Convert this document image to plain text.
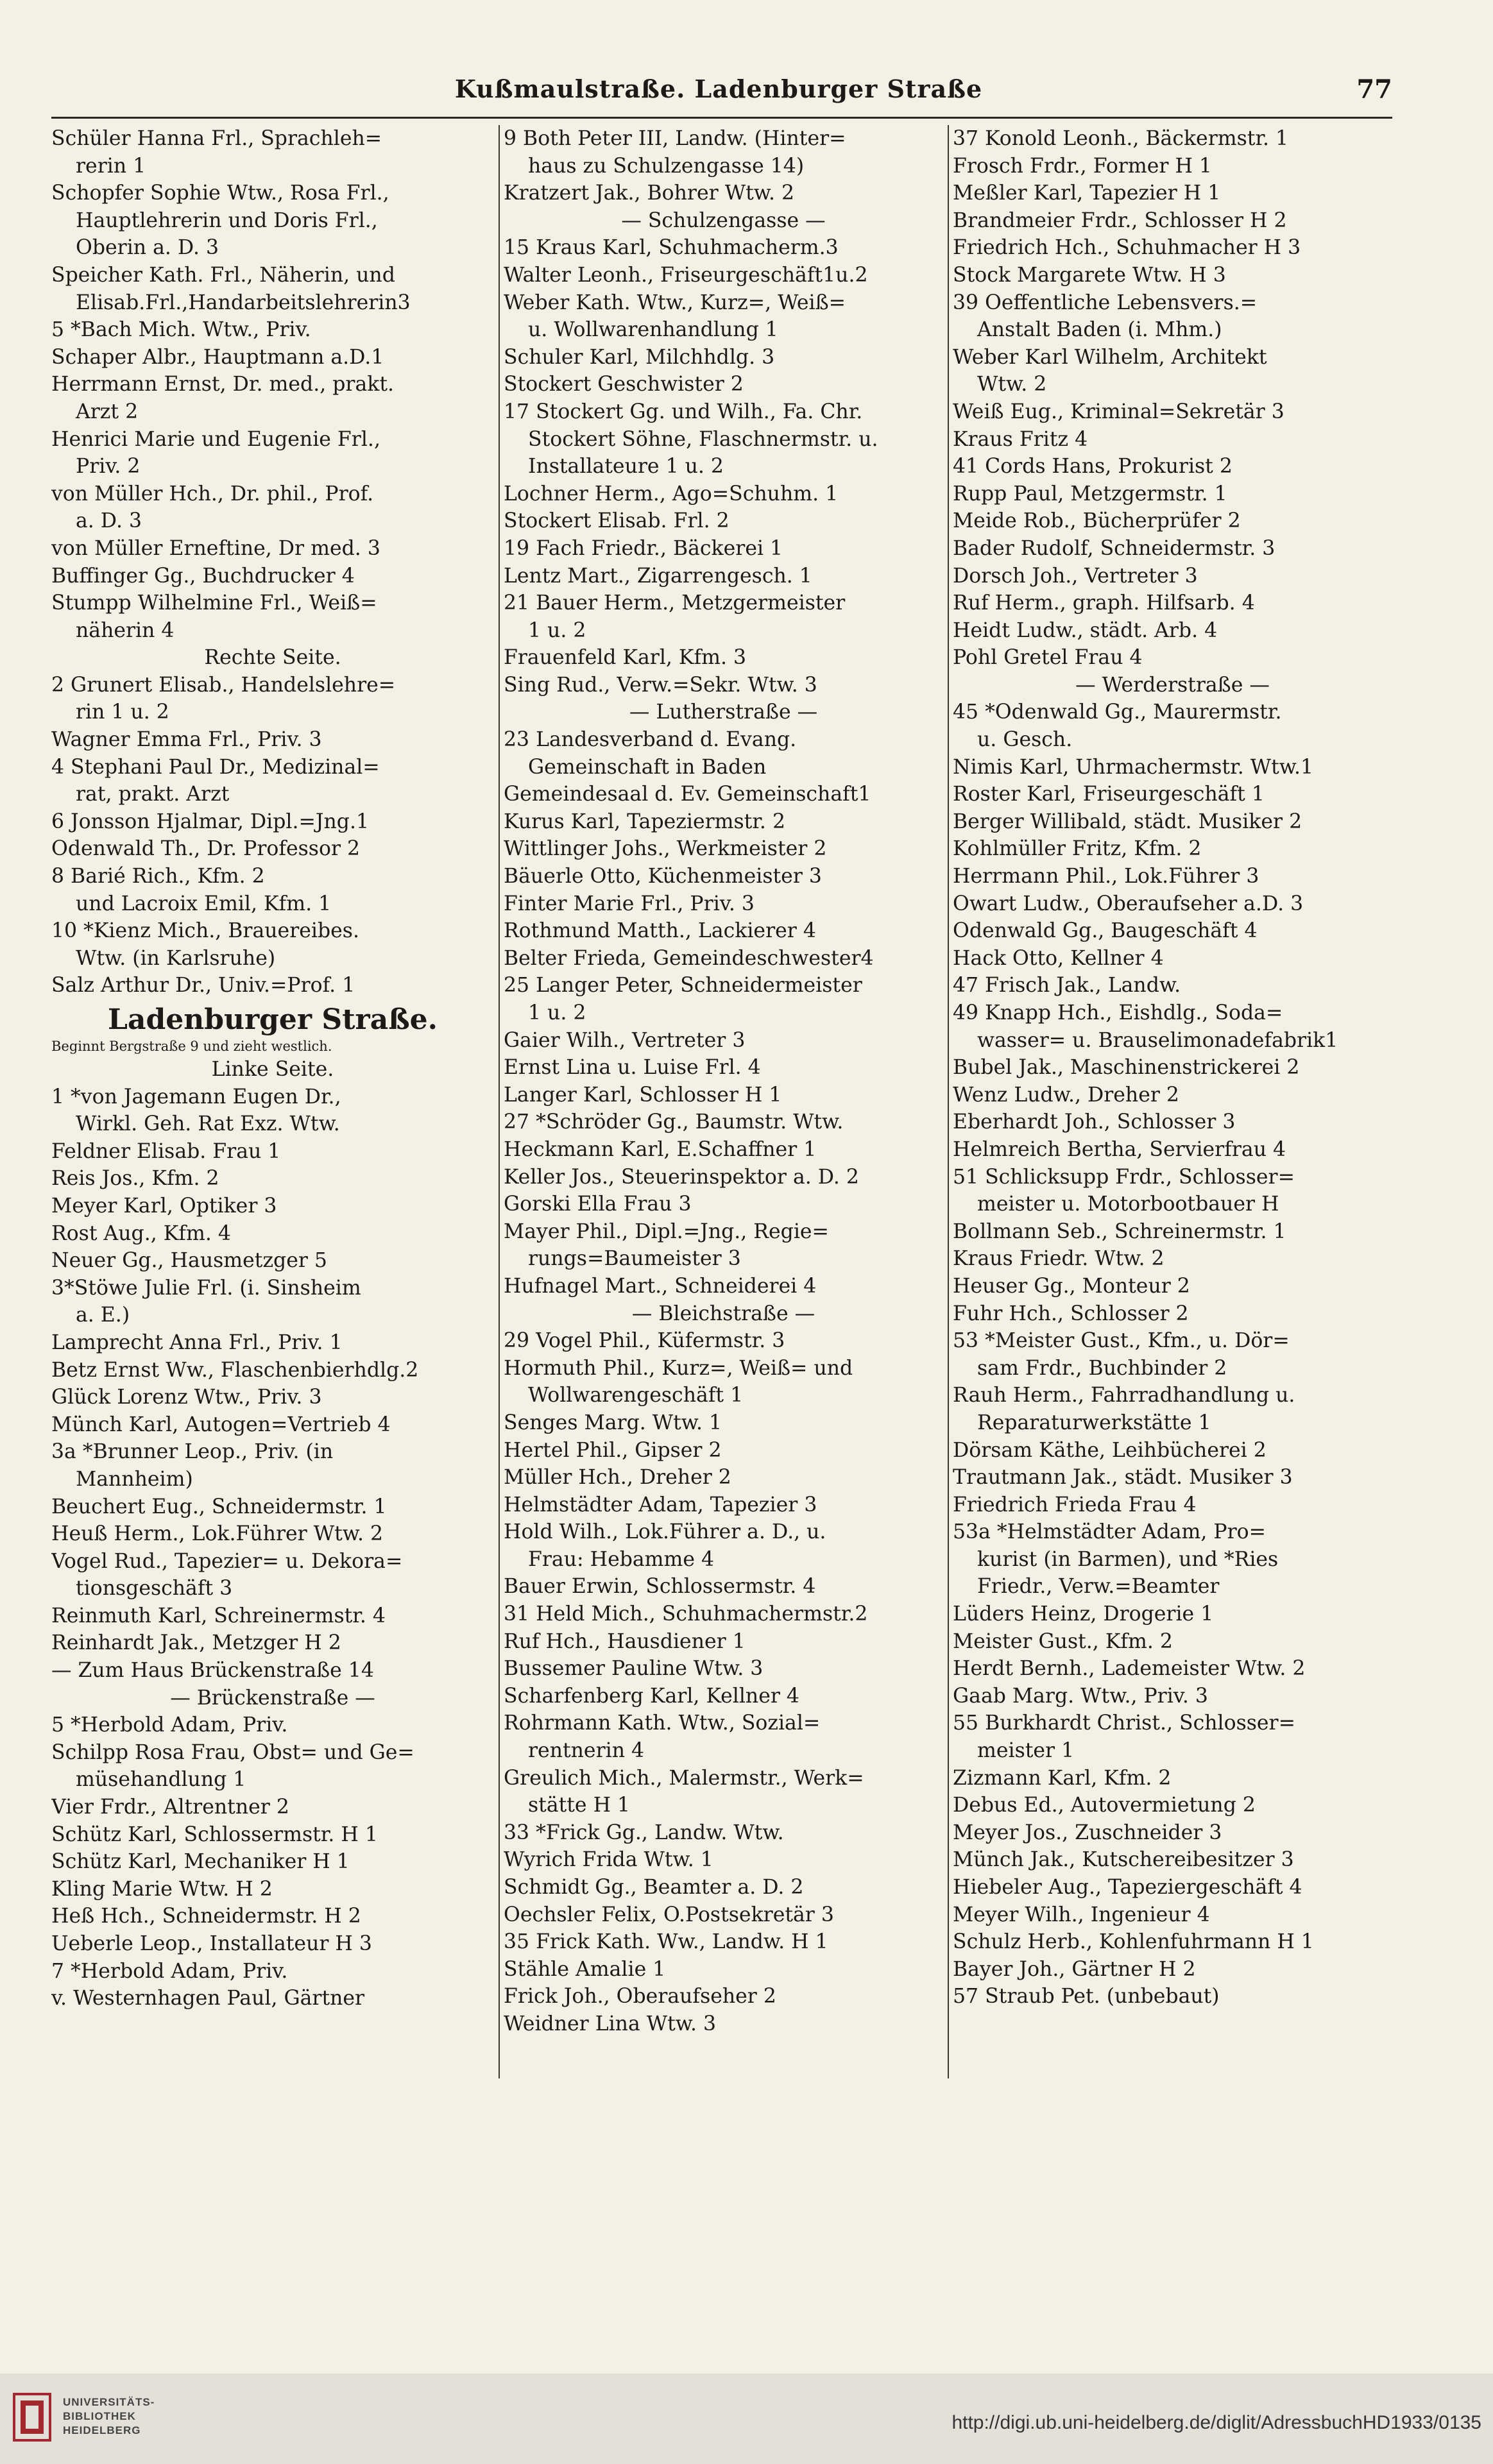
Kußmaulstraße. Ladenburger Straße	77
Schüler Hanna Frl., Sprachleh=
rerin 1
Schopfer Sophie Wtw., Rosa Frl.,
Hauptlehrerin und Doris Frl.,
Oberin a. D. 3
Speicher Kath. Frl., Näherin, und
Elisab.Frl.,Handarbeitslehrerin3
5 *Bach Mich. Wtw., Priv.
Schaper Albr., Hauptmann a.D.1
Herrmann Ernst, Dr. med., prakt.
Arzt 2
Henrici Marie und Eugenie Frl.,
Priv. 2
von Müller Hch., Dr. phil., Prof.
a. D. 3
von Müller Erneftine, Dr med. 3
Buffinger Gg., Buchdrucker 4
Stumpp Wilhelmine Frl., Weiß=
näherin 4
Rechte Seite.
2 Grunert Elisab., Handelslehre=
rin 1 u. 2
Wagner Emma Frl., Priv. 3
4 Stephani Paul Dr., Medizinal=
rat, prakt. Arzt
6 Jonsson Hjalmar, Dipl.=Jng.1
Odenwald Th., Dr. Professor 2
8 Barié Rich., Kfm. 2
und Lacroix Emil, Kfm. 1
10 *Kienz Mich., Brauereibes.
Wtw. (in Karlsruhe)
Salz Arthur Dr., Univ.=Prof. 1
Ladenburger Straße.
Beginnt Bergstraße 9 und zieht westlich.
Linke Seite.
1 *von Jagemann Eugen Dr.,
Wirkl. Geh. Rat Exz. Wtw.
Feldner Elisab. Frau 1
Reis Jos., Kfm. 2
Meyer Karl, Optiker 3
Rost Aug., Kfm. 4
Neuer Gg., Hausmetzger 5
3*Stöwe Julie Frl. (i. Sinsheim
a. E.)
Lamprecht Anna Frl., Priv. 1
Betz Ernst Ww., Flaschenbierhdlg.2
Glück Lorenz Wtw., Priv. 3
Münch Karl, Autogen=Vertrieb 4
3a *Brunner Leop., Priv. (in
Mannheim)
Beuchert Eug., Schneidermstr. 1
Heuß Herm., Lok.Führer Wtw. 2
Vogel Rud., Tapezier= u. Dekora=
tionsgeschäft 3
Reinmuth Karl, Schreinermstr. 4
Reinhardt Jak., Metzger H 2
— Zum Haus Brückenstraße 14
— Brückenstraße —
5 *Herbold Adam, Priv.
Schilpp Rosa Frau, Obst= und Ge=
müsehandlung 1
Vier Frdr., Altrentner 2
Schütz Karl, Schlossermstr. H 1
Schütz Karl, Mechaniker H 1
Kling Marie Wtw. H 2
Heß Hch., Schneidermstr. H 2
Ueberle Leop., Installateur H 3
7 *Herbold Adam, Priv.
v. Westernhagen Paul, Gärtner
9 Both Peter III, Landw. (Hinter=
haus zu Schulzengasse 14)
Kratzert Jak., Bohrer Wtw. 2
— Schulzengasse —
15 Kraus Karl, Schuhmacherm.3
Walter Leonh., Friseurgeschäft1u.2
Weber Kath. Wtw., Kurz=, Weiß=
u. Wollwarenhandlung 1
Schuler Karl, Milchhdlg. 3
Stockert Geschwister 2
17 Stockert Gg. und Wilh., Fa. Chr.
Stockert Söhne, Flaschnermstr. u.
Installateure 1 u. 2
Lochner Herm., Ago=Schuhm. 1
Stockert Elisab. Frl. 2
19 Fach Friedr., Bäckerei 1
Lentz Mart., Zigarrengesch. 1
21 Bauer Herm., Metzgermeister
1 u. 2
Frauenfeld Karl, Kfm. 3
Sing Rud., Verw.=Sekr. Wtw. 3
— Lutherstraße —
23 Landesverband d. Evang.
Gemeinschaft in Baden
Gemeindesaal d. Ev. Gemeinschaft1
Kurus Karl, Tapeziermstr. 2
Wittlinger Johs., Werkmeister 2
Bäuerle Otto, Küchenmeister 3
Finter Marie Frl., Priv. 3
Rothmund Matth., Lackierer 4
Belter Frieda, Gemeindeschwester4
25 Langer Peter, Schneidermeister
1 u. 2
Gaier Wilh., Vertreter 3
Ernst Lina u. Luise Frl. 4
Langer Karl, Schlosser H 1
27 *Schröder Gg., Baumstr. Wtw.
Heckmann Karl, E.Schaffner 1
Keller Jos., Steuerinspektor a. D. 2
Gorski Ella Frau 3
Mayer Phil., Dipl.=Jng., Regie=
rungs=Baumeister 3
Hufnagel Mart., Schneiderei 4
— Bleichstraße —
29 Vogel Phil., Küfermstr. 3
Hormuth Phil., Kurz=, Weiß= und
Wollwarengeschäft 1
Senges Marg. Wtw. 1
Hertel Phil., Gipser 2
Müller Hch., Dreher 2
Helmstädter Adam, Tapezier 3
Hold Wilh., Lok.Führer a. D., u.
Frau: Hebamme 4
Bauer Erwin, Schlossermstr. 4
31 Held Mich., Schuhmachermstr.2
Ruf Hch., Hausdiener 1
Bussemer Pauline Wtw. 3
Scharfenberg Karl, Kellner 4
Rohrmann Kath. Wtw., Sozial=
rentnerin 4
Greulich Mich., Malermstr., Werk=
stätte H 1
33 *Frick Gg., Landw. Wtw.
Wyrich Frida Wtw. 1
Schmidt Gg., Beamter a. D. 2
Oechsler Felix, O.Postsekretär 3
35 Frick Kath. Ww., Landw. H 1
Stähle Amalie 1
Frick Joh., Oberaufseher 2
Weidner Lina Wtw. 3
37 Konold Leonh., Bäckermstr. 1
Frosch Frdr., Former H 1
Meßler Karl, Tapezier H 1
Brandmeier Frdr., Schlosser H 2
Friedrich Hch., Schuhmacher H 3
Stock Margarete Wtw. H 3
39 Oeffentliche Lebensvers.=
Anstalt Baden (i. Mhm.)
Weber Karl Wilhelm, Architekt
Wtw. 2
Weiß Eug., Kriminal=Sekretär 3
Kraus Fritz 4
41 Cords Hans, Prokurist 2
Rupp Paul, Metzgermstr. 1
Meide Rob., Bücherprüfer 2
Bader Rudolf, Schneidermstr. 3
Dorsch Joh., Vertreter 3
Ruf Herm., graph. Hilfsarb. 4
Heidt Ludw., städt. Arb. 4
Pohl Gretel Frau 4
— Werderstraße —
45 *Odenwald Gg., Maurermstr.
u. Gesch.
Nimis Karl, Uhrmachermstr. Wtw.1
Roster Karl, Friseurgeschäft 1
Berger Willibald, städt. Musiker 2
Kohlmüller Fritz, Kfm. 2
Herrmann Phil., Lok.Führer 3
Owart Ludw., Oberaufseher a.D. 3
Odenwald Gg., Baugeschäft 4
Hack Otto, Kellner 4
47 Frisch Jak., Landw.
49 Knapp Hch., Eishdlg., Soda=
wasser= u. Brauselimonadefabrik1
Bubel Jak., Maschinenstrickerei 2
Wenz Ludw., Dreher 2
Eberhardt Joh., Schlosser 3
Helmreich Bertha, Servierfrau 4
51 Schlicksupp Frdr., Schlosser=
meister u. Motorbootbauer H
Bollmann Seb., Schreinermstr. 1
Kraus Friedr. Wtw. 2
Heuser Gg., Monteur 2
Fuhr Hch., Schlosser 2
53 *Meister Gust., Kfm., u. Dör=
sam Frdr., Buchbinder 2
Rauh Herm., Fahrradhandlung u.
Reparaturwerkstätte 1
Dörsam Käthe, Leihbücherei 2
Trautmann Jak., städt. Musiker 3
Friedrich Frieda Frau 4
53a *Helmstädter Adam, Pro=
kurist (in Barmen), und *Ries
Friedr., Verw.=Beamter
Lüders Heinz, Drogerie 1
Meister Gust., Kfm. 2
Herdt Bernh., Lademeister Wtw. 2
Gaab Marg. Wtw., Priv. 3
55 Burkhardt Christ., Schlosser=
meister 1
Zizmann Karl, Kfm. 2
Debus Ed., Autovermietung 2
Meyer Jos., Zuschneider 3
Münch Jak., Kutschereibesitzer 3
Hiebeler Aug., Tapeziergeschäft 4
Meyer Wilh., Ingenieur 4
Schulz Herb., Kohlenfuhrmann H 1
Bayer Joh., Gärtner H 2
57 Straub Pet. (unbebaut)
UNIVERSITÄTS- BIBLIOTHEK HEIDELBERG	http://digi.ub.uni-heidelberg.de/diglit/AdressbuchHD1933/0135
